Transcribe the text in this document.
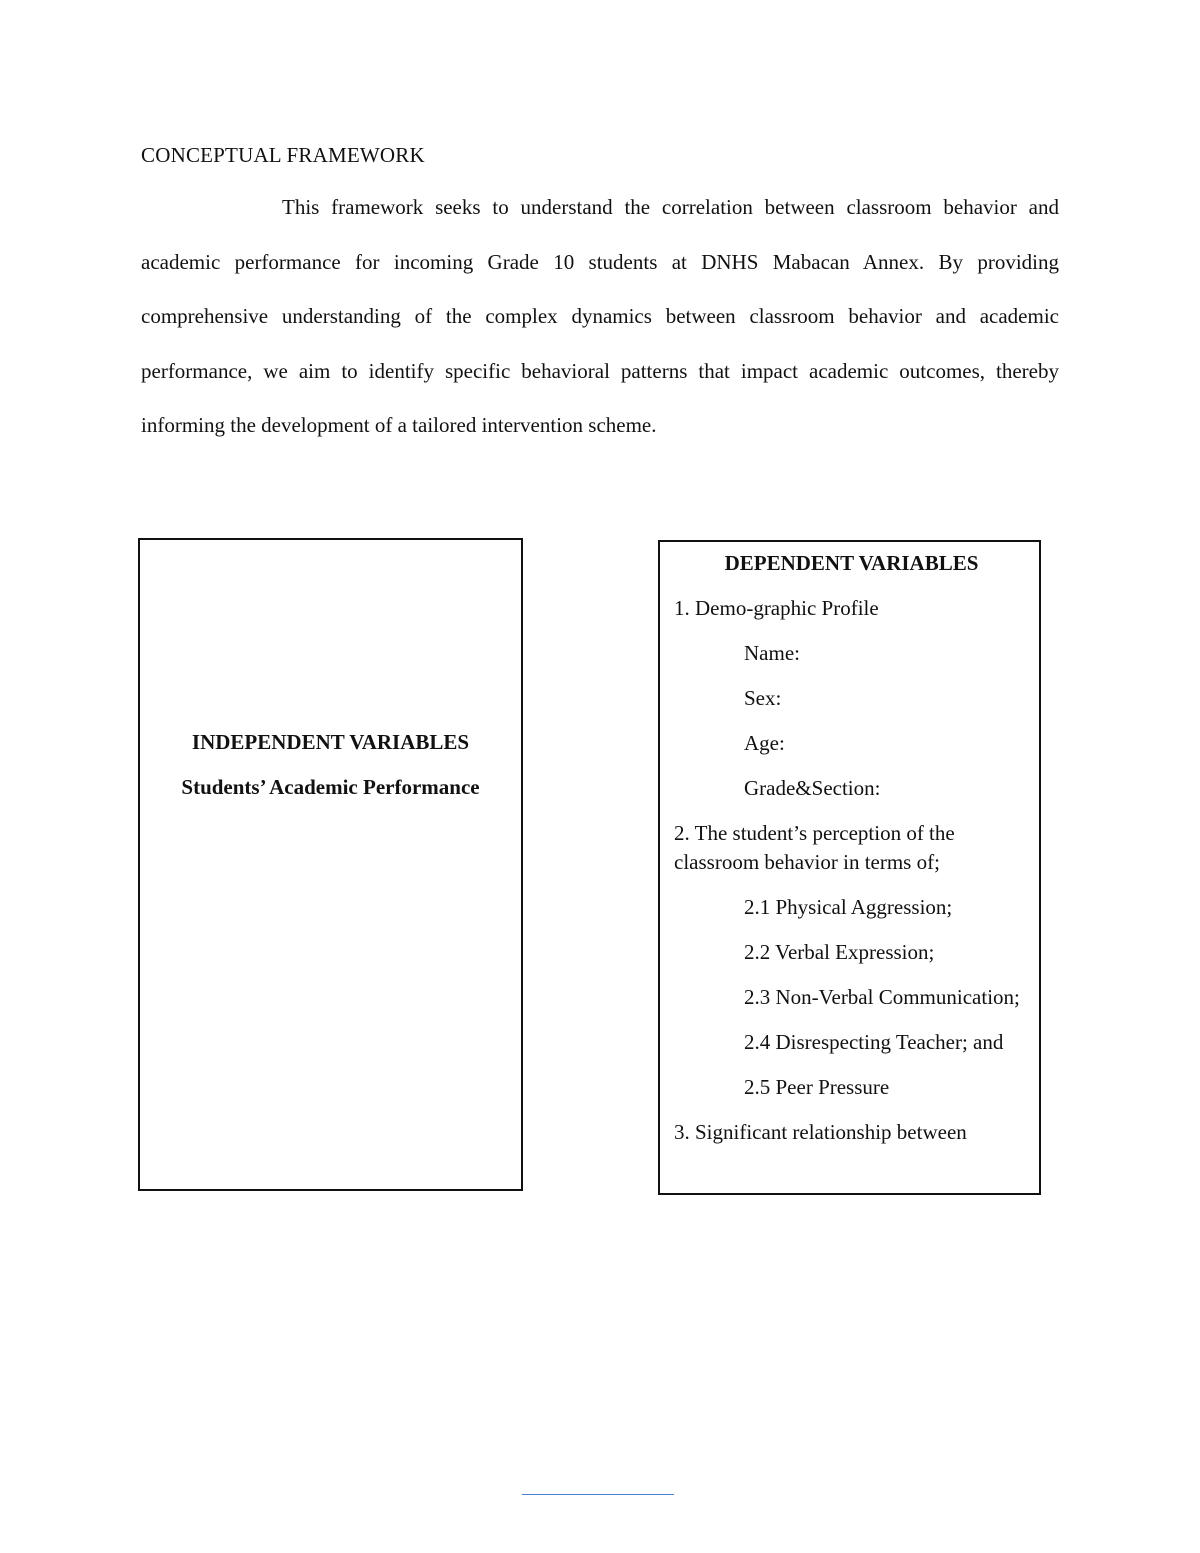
CONCEPTUAL FRAMEWORK
This framework seeks to understand the correlation between classroom behavior and academic performance for incoming Grade 10 students at DNHS Mabacan Annex. By providing comprehensive understanding of the complex dynamics between classroom behavior and academic performance, we aim to identify specific behavioral patterns that impact academic outcomes, thereby informing the development of a tailored intervention scheme.
INDEPENDENT VARIABLES
Students’ Academic Performance
DEPENDENT VARIABLES
1. Demo-graphic Profile
Name:
Sex:
Age:
Grade&Section:
2. The student’s perception of the classroom behavior in terms of;
2.1 Physical Aggression;
2.2 Verbal Expression;
2.3 Non-Verbal Communication;
2.4 Disrespecting Teacher; and
2.5 Peer Pressure
3. Significant relationship between
